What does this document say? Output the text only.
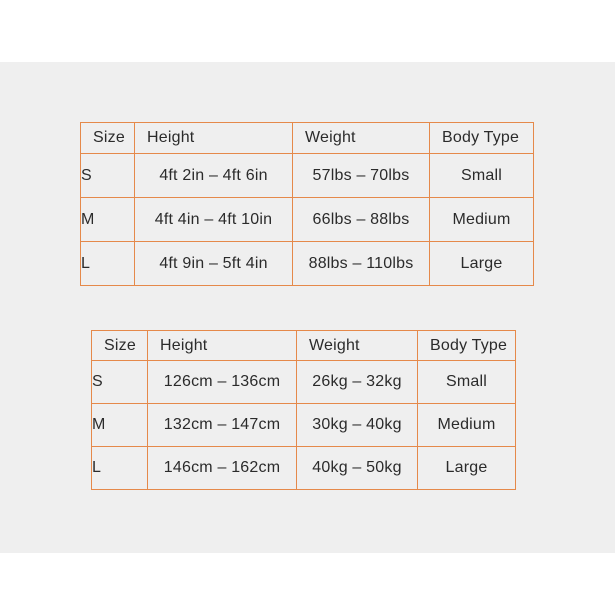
Size	Height	Weight	Body Type
S	4ft 2in – 4ft 6in	57lbs – 70lbs	Small
M	4ft 4in – 4ft 10in	66lbs – 88lbs	Medium
L	4ft 9in – 5ft 4in	88lbs – 110lbs	Large
Size	Height	Weight	Body Type
S	126cm – 136cm	26kg – 32kg	Small
M	132cm – 147cm	30kg – 40kg	Medium
L	146cm – 162cm	40kg – 50kg	Large
